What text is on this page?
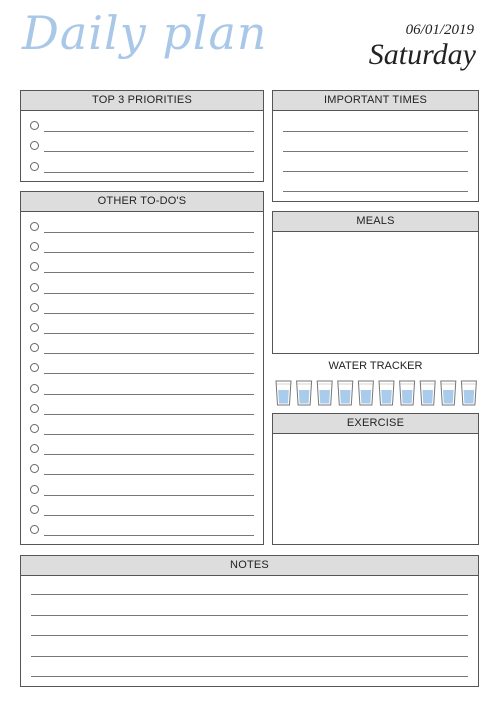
Daily plan	06/01/2019
Saturday
TOP 3 PRIORITIES	IMPORTANT TIMES
OTHER TO-DO'S
MEALS
WATER TRACKER
EXERCISE
NOTES
